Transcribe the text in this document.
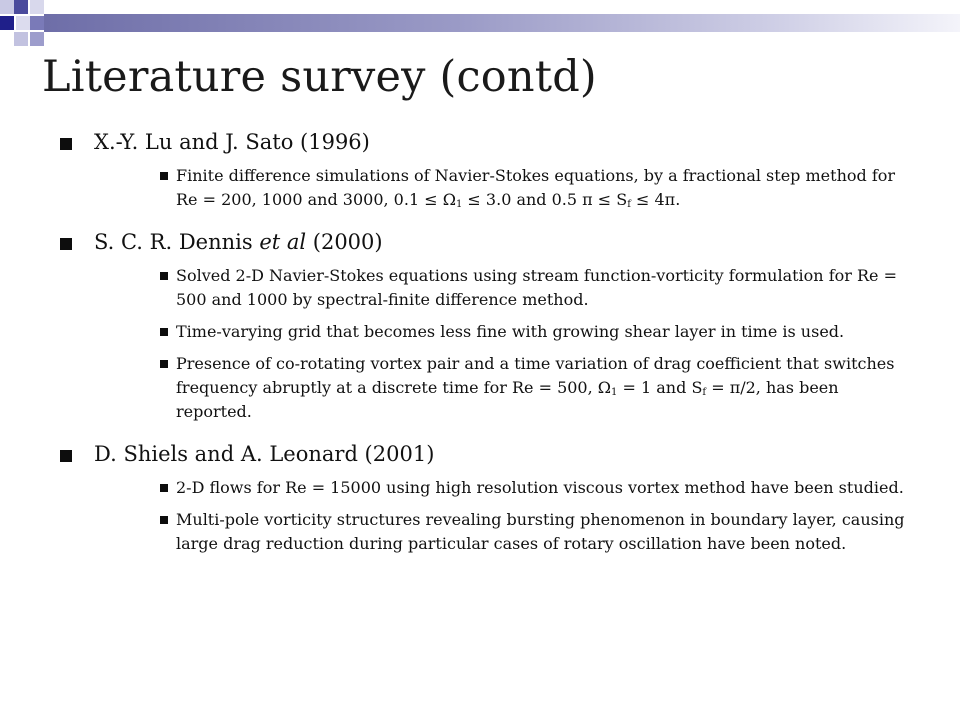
Literature survey (contd)
X.-Y. Lu and J. Sato (1996)
Finite difference simulations of Navier-Stokes equations, by a fractional step method for Re = 200, 1000 and 3000, $0.1 \le \Omega_1 \le 3.0$ and 0.5 $\pi \le S_f \le 4\pi$.
S. C. R. Dennis et al (2000)
Solved 2-D Navier-Stokes equations using stream function-vorticity formulation for Re = 500 and 1000 by spectral-finite difference method.
Time-varying grid that becomes less fine with growing shear layer in time is used.
Presence of co-rotating vortex pair and a time variation of drag coefficient that switches frequency abruptly at a discrete time for Re = 500, $\Omega_1 = 1$ and $S_f = \pi/2$, has been reported.
D. Shiels and A. Leonard (2001)
2-D flows for Re = 15000 using high resolution viscous vortex method have been studied.
Multi-pole vorticity structures revealing bursting phenomenon in boundary layer, causing large drag reduction during particular cases of rotary oscillation have been noted.
